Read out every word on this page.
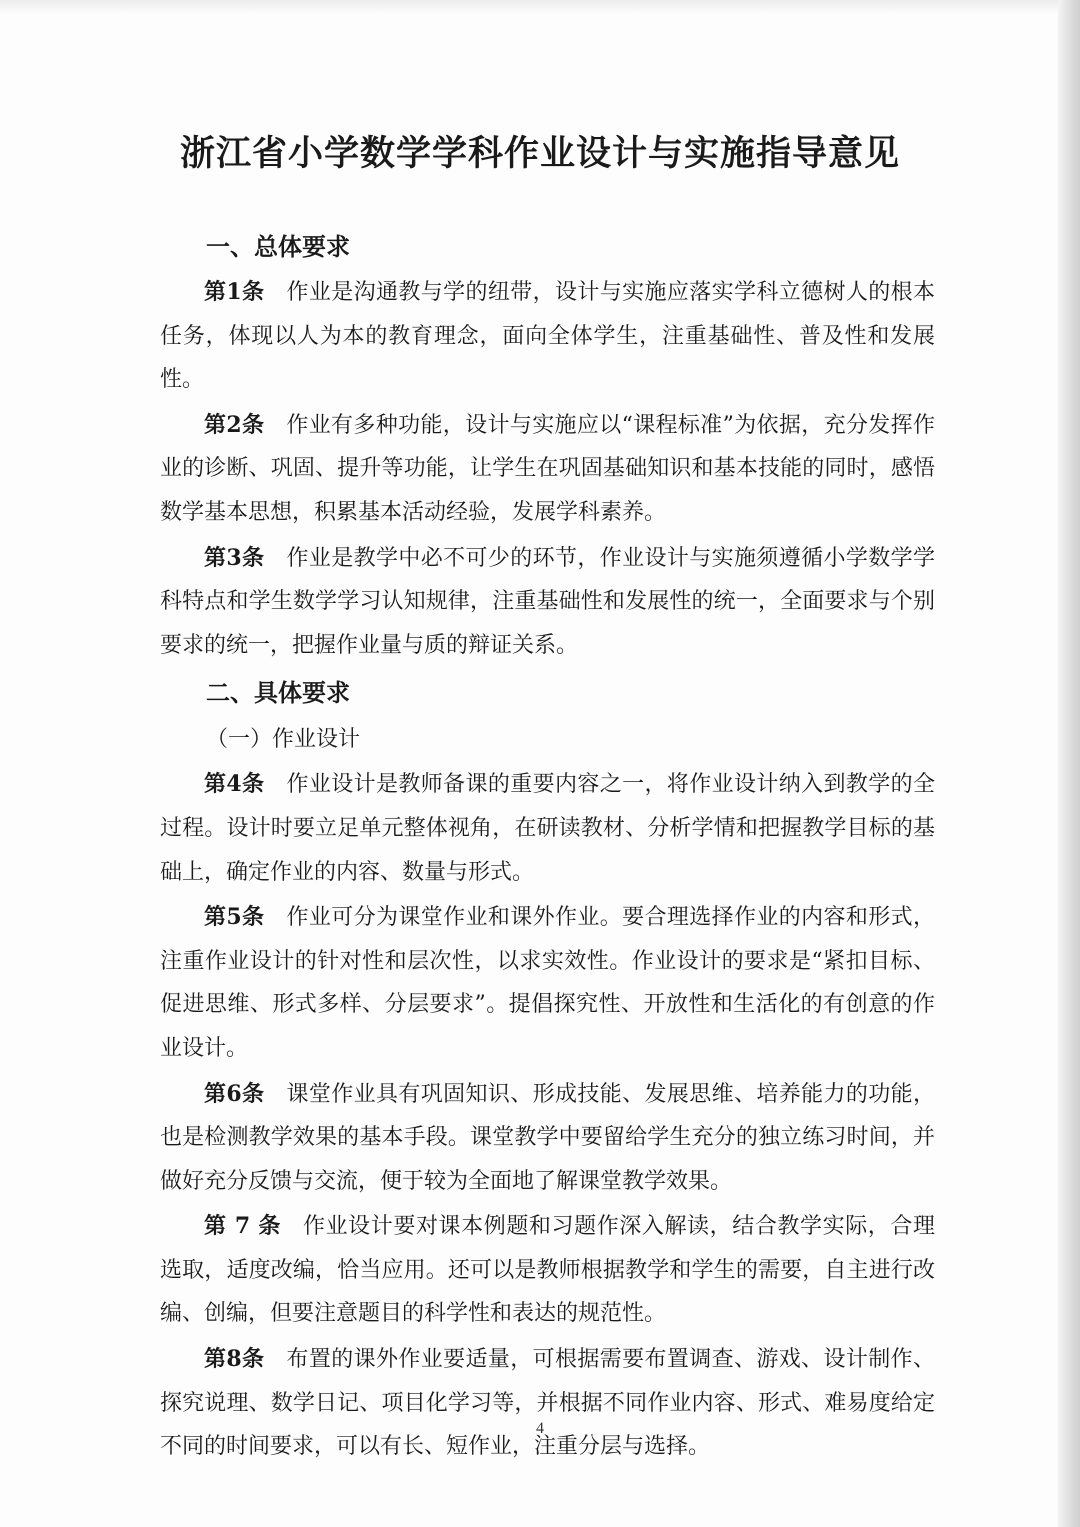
浙江省小学数学学科作业设计与实施指导意见

一、总体要求

第1条 作业是沟通教与学的纽带，设计与实施应落实学科立德树人的根本任务，体现以人为本的教育理念，面向全体学生，注重基础性、普及性和发展性。

第2条 作业有多种功能，设计与实施应以“课程标准”为依据，充分发挥作业的诊断、巩固、提升等功能，让学生在巩固基础知识和基本技能的同时，感悟数学基本思想，积累基本活动经验，发展学科素养。

第3条 作业是教学中必不可少的环节，作业设计与实施须遵循小学数学学科特点和学生数学学习认知规律，注重基础性和发展性的统一，全面要求与个别要求的统一，把握作业量与质的辩证关系。

二、具体要求

（一）作业设计

第4条 作业设计是教师备课的重要内容之一，将作业设计纳入到教学的全过程。设计时要立足单元整体视角，在研读教材、分析学情和把握教学目标的基础上，确定作业的内容、数量与形式。

第5条 作业可分为课堂作业和课外作业。要合理选择作业的内容和形式，注重作业设计的针对性和层次性，以求实效性。作业设计的要求是“紧扣目标、促进思维、形式多样、分层要求”。提倡探究性、开放性和生活化的有创意的作业设计。

第6条 课堂作业具有巩固知识、形成技能、发展思维、培养能力的功能，也是检测教学效果的基本手段。课堂教学中要留给学生充分的独立练习时间，并做好充分反馈与交流，便于较为全面地了解课堂教学效果。

第 7 条 作业设计要对课本例题和习题作深入解读，结合教学实际，合理选取，适度改编，恰当应用。还可以是教师根据教学和学生的需要，自主进行改编、创编，但要注意题目的科学性和表达的规范性。

第8条 布置的课外作业要适量，可根据需要布置调查、游戏、设计制作、探究说理、数学日记、项目化学习等，并根据不同作业内容、形式、难易度给定不同的时间要求，可以有长、短作业，注重分层与选择。

4
